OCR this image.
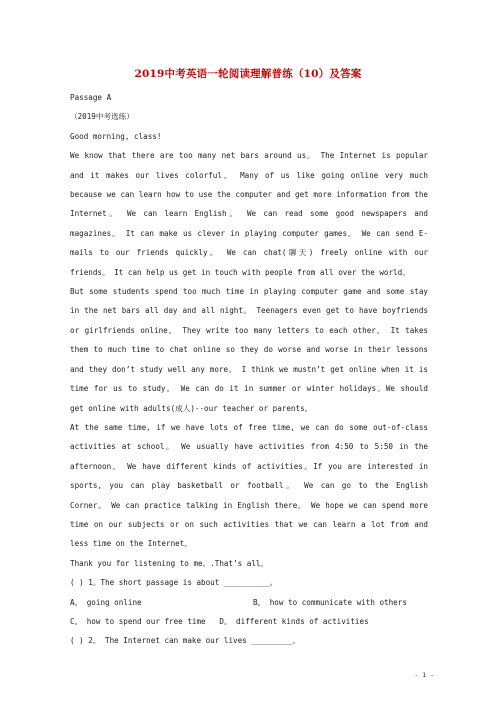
2019中考英语一轮阅读理解普练（10）及答案

Passage A

（2019中考选练）

Good morning, class!

We know that there are too many net bars around us。 The Internet is popular and it makes our lives colorful。 Many of us like going online very much because we can learn how to use the computer and get more information from the Internet。 We can learn English。 We can read some good newspapers and magazines。 It can make us clever in playing computer games。 We can send E-mails to our friends quickly。 We can chat(聊天) freely online with our friends。 It can help us get in touch with people from all over the world。

But some students spend too much time in playing computer game and some stay in the net bars all day and all night。 Teenagers even get to have boyfriends or girlfriends online。 They write too many letters to each other。 It takes them to much time to chat online so they do worse and worse in their lessons and they don’t study well any more。 I think we mustn’t get online when it is time for us to study。 We can do it in summer or winter holidays。We should get online with adults(成人)--our teacher or parents。

At the same time, if we have lots of free time, we can do some out-of-class activities at school。 We usually have activities from 4:50 to 5:50 in the afternoon。 We have different kinds of activities。If you are interested in sports, you can play basketball or football。 We can go to the English Corner。 We can practice talking in English there。 We hope we can spend more time on our subjects or on such activities that we can learn a lot from and less time on the Internet。

Thank you for listening to me。.That’s all。

( ) 1。The short passage is about __________。

A。 going online	B。 how to communicate with others

C。 how to spend our free time   D。 different kinds of activities

( ) 2。 The Internet can make our lives _________。

- 1 -
